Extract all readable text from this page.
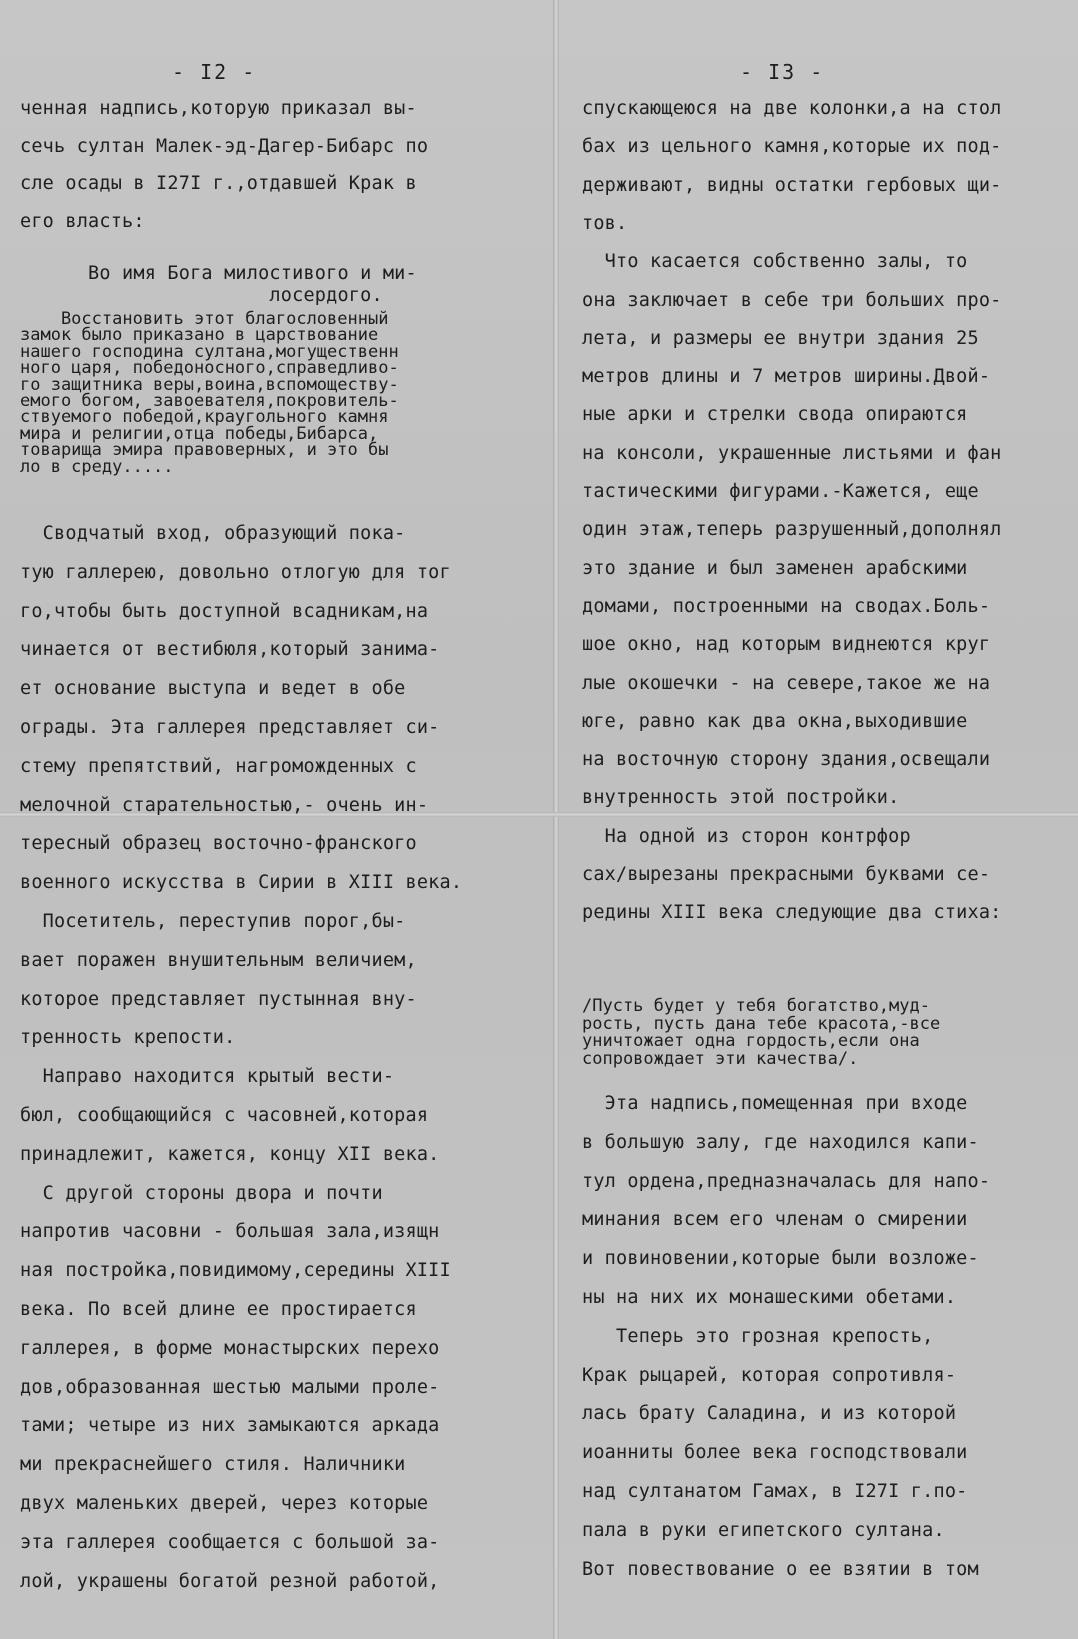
- I2 -
ченная надпись,которую приказал вы-
сечь султан Малек-эд-Дагер-Бибарс по
сле осады в I27I г.,отдавшей Крак в
его власть:
Во имя Бога милостивого и ми-
лосердого.
Восстановить этот благословенный
замок было приказано в царствование
нашего господина султана,могущественн
ного царя, победоносного,справедливо-
го защитника веры,воина,вспомоществу-
емого богом, завоевателя,покровитель-
ствуемого победой,краугольного камня
мира и религии,отца победы,Бибарса,
товарища эмира правоверных, и это бы
ло в среду.....
Сводчатый вход, образующий пока-
тую галлерею, довольно отлогую для тог
го,чтобы быть доступной всадникам,на
чинается от вестибюля,который занима-
ет основание выступа и ведет в обе
ограды. Эта галлерея представляет си-
стему препятствий, нагроможденных с
мелочной старательностью,- очень ин-
тересный образец восточно-франского
военного искусства в Сирии в XIII века.
Посетитель, переступив порог,бы-
вает поражен внушительным величием,
которое представляет пустынная вну-
тренность крепости.
Направо находится крытый вести-
бюл, сообщающийся с часовней,которая
принадлежит, кажется, концу XII века.
С другой стороны двора и почти
напротив часовни - большая зала,изящн
ная постройка,повидимому,середины XIII
века. По всей длине ее простирается
галлерея, в форме монастырских перехо
дов,образованная шестью малыми проле-
тами; четыре из них замыкаются аркада
ми прекраснейшего стиля. Наличники
двух маленьких дверей, через которые
эта галлерея сообщается с большой за-
лой, украшены богатой резной работой,
- I3 -
спускающеюся на две колонки,а на стол
бах из цельного камня,которые их под-
держивают, видны остатки гербовых щи-
тов.
Что касается собственно залы, то
она заключает в себе три больших про-
лета, и размеры ее внутри здания 25
метров длины и 7 метров ширины.Двой-
ные арки и стрелки свода опираются
на консоли, украшенные листьями и фан
тастическими фигурами.-Кажется, еще
один этаж,теперь разрушенный,дополнял
это здание и был заменен арабскими
домами, построенными на сводах.Боль-
шое окно, над которым виднеются круг
лые окошечки - на севере,такое же на
юге, равно как два окна,выходившие
на восточную сторону здания,освещали
внутренность этой постройки.
На одной из сторон контрфор
сах/вырезаны прекрасными буквами се-
редины XIII века следующие два стиха:
/Пусть будет у тебя богатство,муд-
рость, пусть дана тебе красота,-все
уничтожает одна гордость,если она
сопровождает эти качества/.
Эта надпись,помещенная при входе
в большую залу, где находился капи-
тул ордена,предназначалась для напо-
минания всем его членам о смирении
и повиновении,которые были возложе-
ны на них их монашескими обетами.
Теперь это грозная крепость,
Крак рыцарей, которая сопротивля-
лась брату Саладина, и из которой
иоанниты более века господствовали
над султанатом Гамах, в I27I г.по-
пала в руки египетского султана.
Вот повествование о ее взятии в том
